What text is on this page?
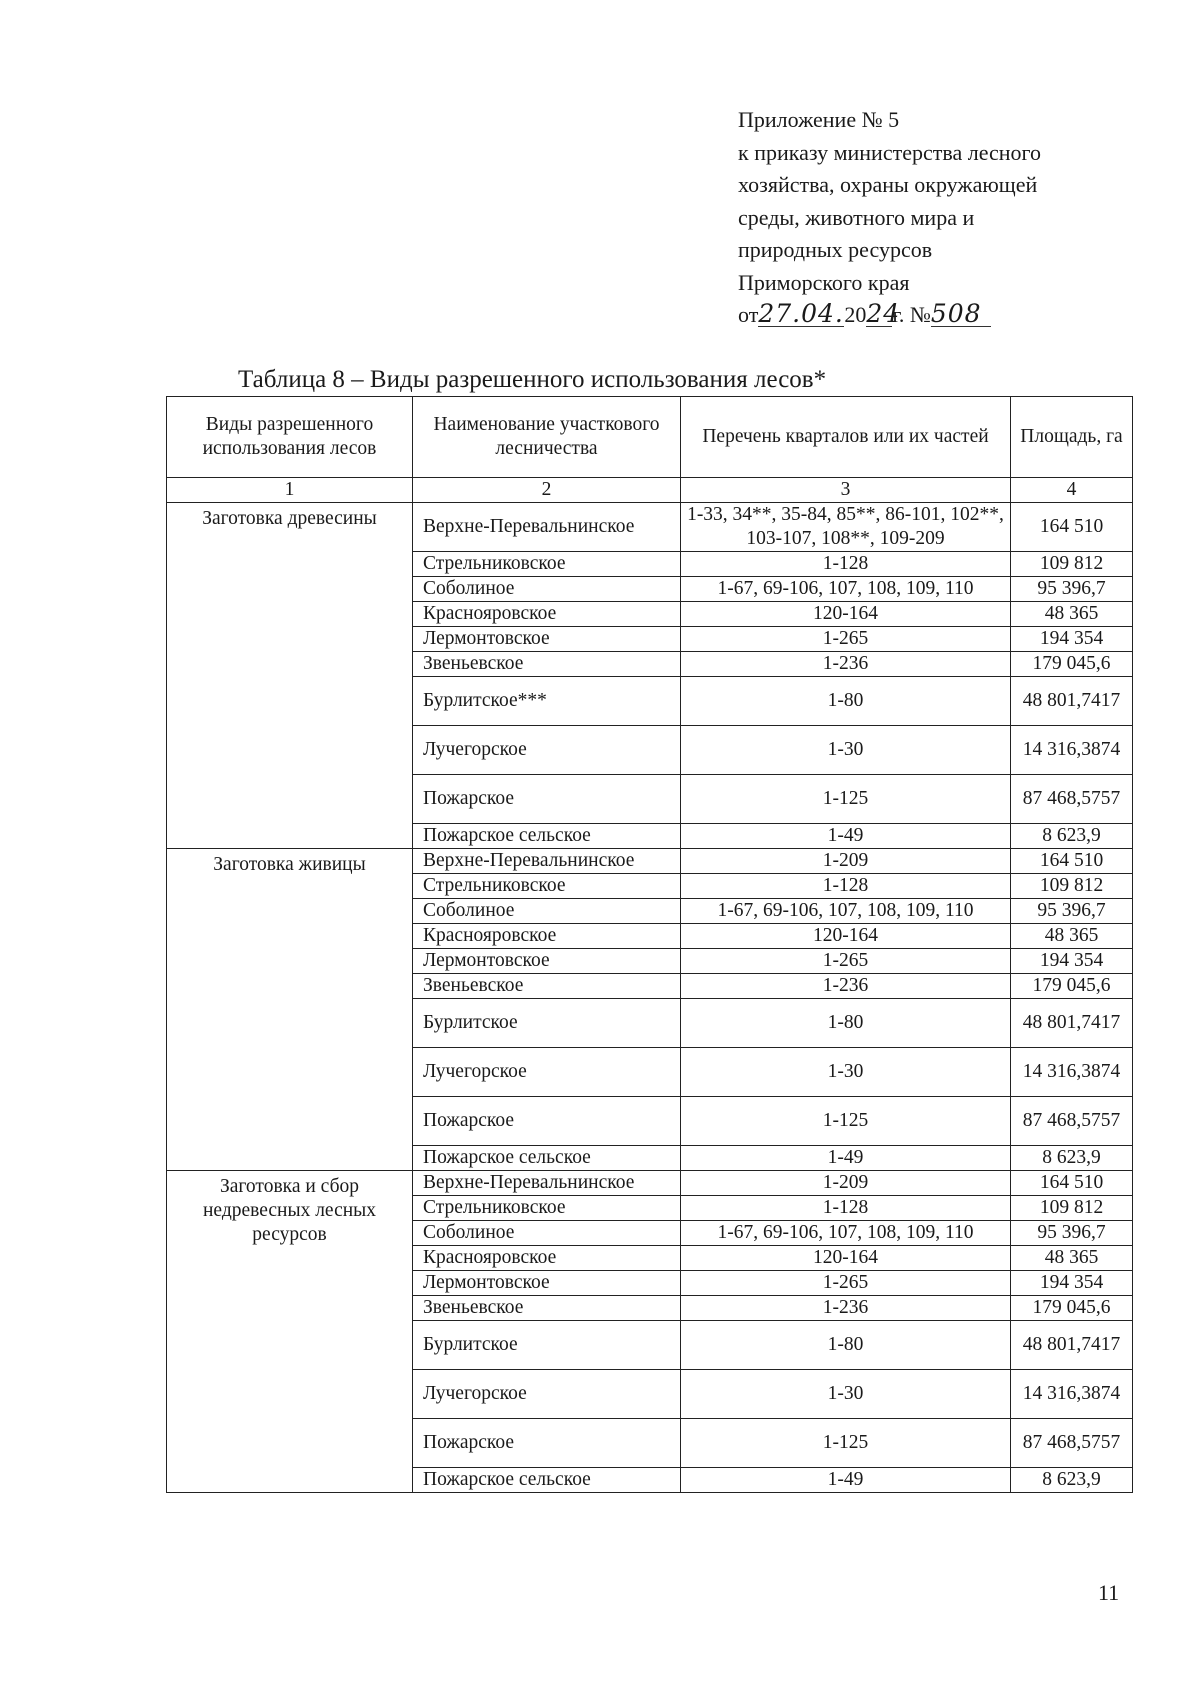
Приложение № 5
к приказу министерства лесного
хозяйства, охраны окружающей
среды, животного мира и
природных ресурсов
Приморского края
от27.04.2024г. №508
Таблица 8 – Виды разрешенного использования лесов*
Виды разрешенного использования лесов	Наименование участкового лесничества	Перечень кварталов или их частей	Площадь, га
1	2	3	4
Заготовка древесины	Верхне-Перевальнинское	1-33, 34**, 35-84, 85**, 86-101, 102**, 103-107, 108**, 109-209	164 510
	Стрельниковское	1-128	109 812
	Соболиное	1-67, 69-106, 107, 108, 109, 110	95 396,7
	Краснояровское	120-164	48 365
	Лермонтовское	1-265	194 354
	Звеньевское	1-236	179 045,6
	Бурлитское***	1-80	48 801,7417
	Лучегорское	1-30	14 316,3874
	Пожарское	1-125	87 468,5757
	Пожарское сельское	1-49	8 623,9
Заготовка живицы	Верхне-Перевальнинское	1-209	164 510
	Стрельниковское	1-128	109 812
	Соболиное	1-67, 69-106, 107, 108, 109, 110	95 396,7
	Краснояровское	120-164	48 365
	Лермонтовское	1-265	194 354
	Звеньевское	1-236	179 045,6
	Бурлитское	1-80	48 801,7417
	Лучегорское	1-30	14 316,3874
	Пожарское	1-125	87 468,5757
	Пожарское сельское	1-49	8 623,9
Заготовка и сбор недревесных лесных ресурсов	Верхне-Перевальнинское	1-209	164 510
	Стрельниковское	1-128	109 812
	Соболиное	1-67, 69-106, 107, 108, 109, 110	95 396,7
	Краснояровское	120-164	48 365
	Лермонтовское	1-265	194 354
	Звеньевское	1-236	179 045,6
	Бурлитское	1-80	48 801,7417
	Лучегорское	1-30	14 316,3874
	Пожарское	1-125	87 468,5757
	Пожарское сельское	1-49	8 623,9
11
